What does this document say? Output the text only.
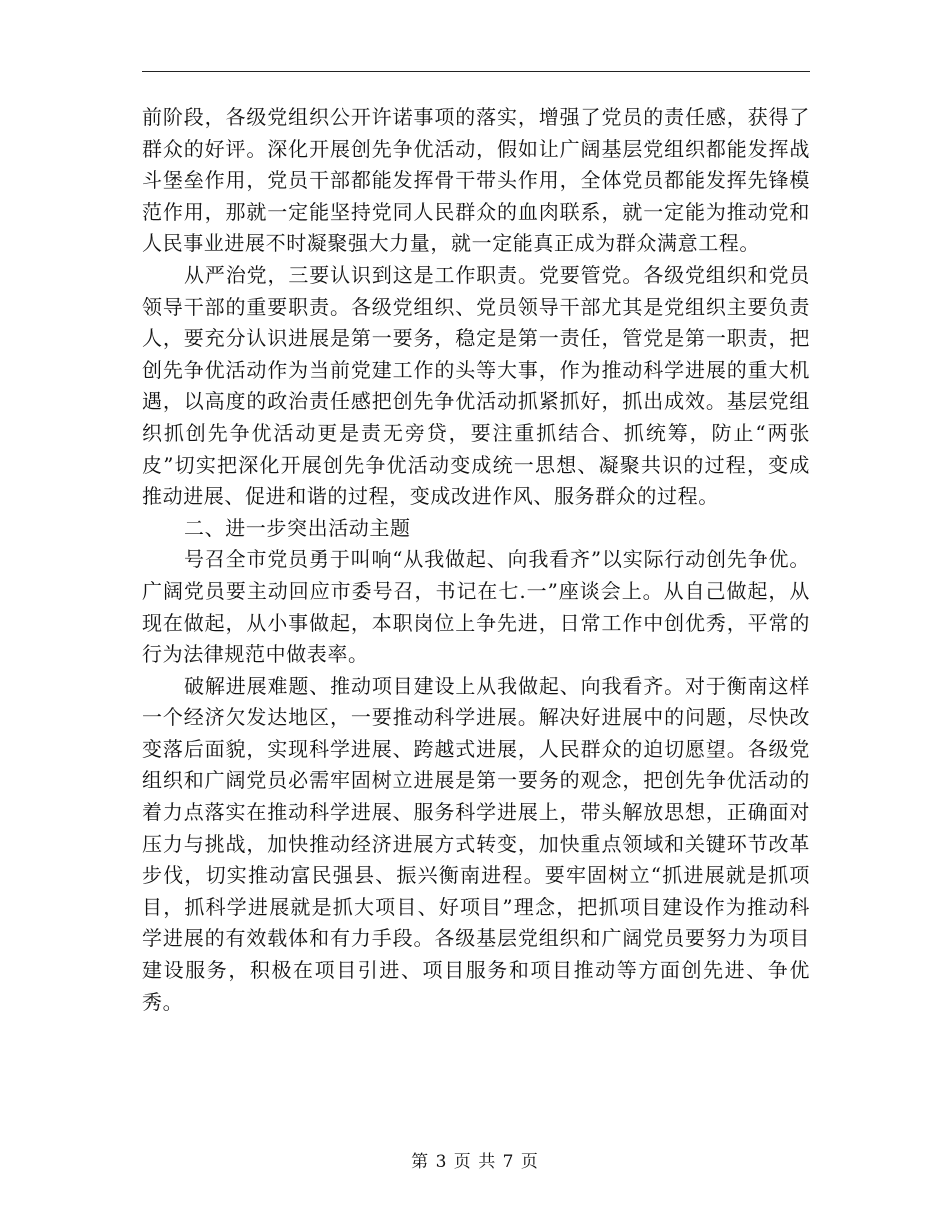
前阶段，各级党组织公开许诺事项的落实，增强了党员的责任感，获得了群众的好评。深化开展创先争优活动，假如让广阔基层党组织都能发挥战斗堡垒作用，党员干部都能发挥骨干带头作用，全体党员都能发挥先锋模范作用，那就一定能坚持党同人民群众的血肉联系，就一定能为推动党和人民事业进展不时凝聚强大力量，就一定能真正成为群众满意工程。

从严治党，三要认识到这是工作职责。党要管党。各级党组织和党员领导干部的重要职责。各级党组织、党员领导干部尤其是党组织主要负责人，要充分认识进展是第一要务，稳定是第一责任，管党是第一职责，把创先争优活动作为当前党建工作的头等大事，作为推动科学进展的重大机遇，以高度的政治责任感把创先争优活动抓紧抓好，抓出成效。基层党组织抓创先争优活动更是责无旁贷，要注重抓结合、抓统筹，防止“两张皮”切实把深化开展创先争优活动变成统一思想、凝聚共识的过程，变成推动进展、促进和谐的过程，变成改进作风、服务群众的过程。

二、进一步突出活动主题

号召全市党员勇于叫响“从我做起、向我看齐”以实际行动创先争优。广阔党员要主动回应市委号召，书记在七.一”座谈会上。从自己做起，从现在做起，从小事做起，本职岗位上争先进，日常工作中创优秀，平常的行为法律规范中做表率。

破解进展难题、推动项目建设上从我做起、向我看齐。对于衡南这样一个经济欠发达地区，一要推动科学进展。解决好进展中的问题，尽快改变落后面貌，实现科学进展、跨越式进展，人民群众的迫切愿望。各级党组织和广阔党员必需牢固树立进展是第一要务的观念，把创先争优活动的着力点落实在推动科学进展、服务科学进展上，带头解放思想，正确面对压力与挑战，加快推动经济进展方式转变，加快重点领域和关键环节改革步伐，切实推动富民强县、振兴衡南进程。要牢固树立“抓进展就是抓项目，抓科学进展就是抓大项目、好项目”理念，把抓项目建设作为推动科学进展的有效载体和有力手段。各级基层党组织和广阔党员要努力为项目建设服务，积极在项目引进、项目服务和项目推动等方面创先进、争优秀。

第 3 页 共 7 页
